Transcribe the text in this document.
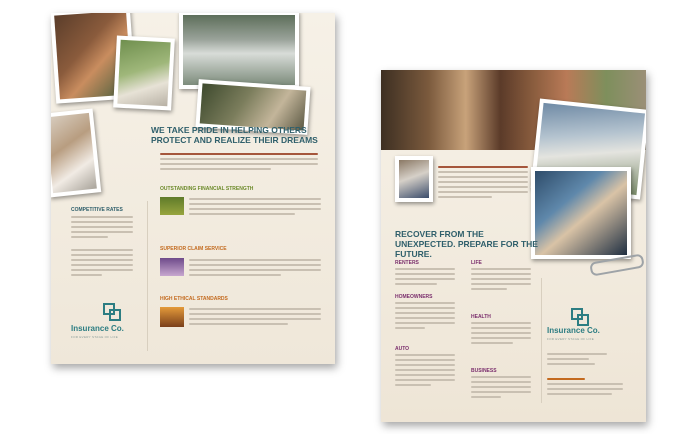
WE TAKE PRIDE IN HELPING OTHERS PROTECT AND REALIZE THEIR DREAMS
COMPETITIVE RATES
OUTSTANDING FINANCIAL STRENGTH
SUPERIOR CLAIM SERVICE
HIGH ETHICAL STANDARDS
Insurance Co.
FOR EVERY STAGE OF LIFE
RECOVER FROM THE UNEXPECTED. PREPARE FOR THE FUTURE.
RENTERS
HOMEOWNERS
AUTO
LIFE
HEALTH
BUSINESS
Insurance Co.
FOR EVERY STAGE OF LIFE
